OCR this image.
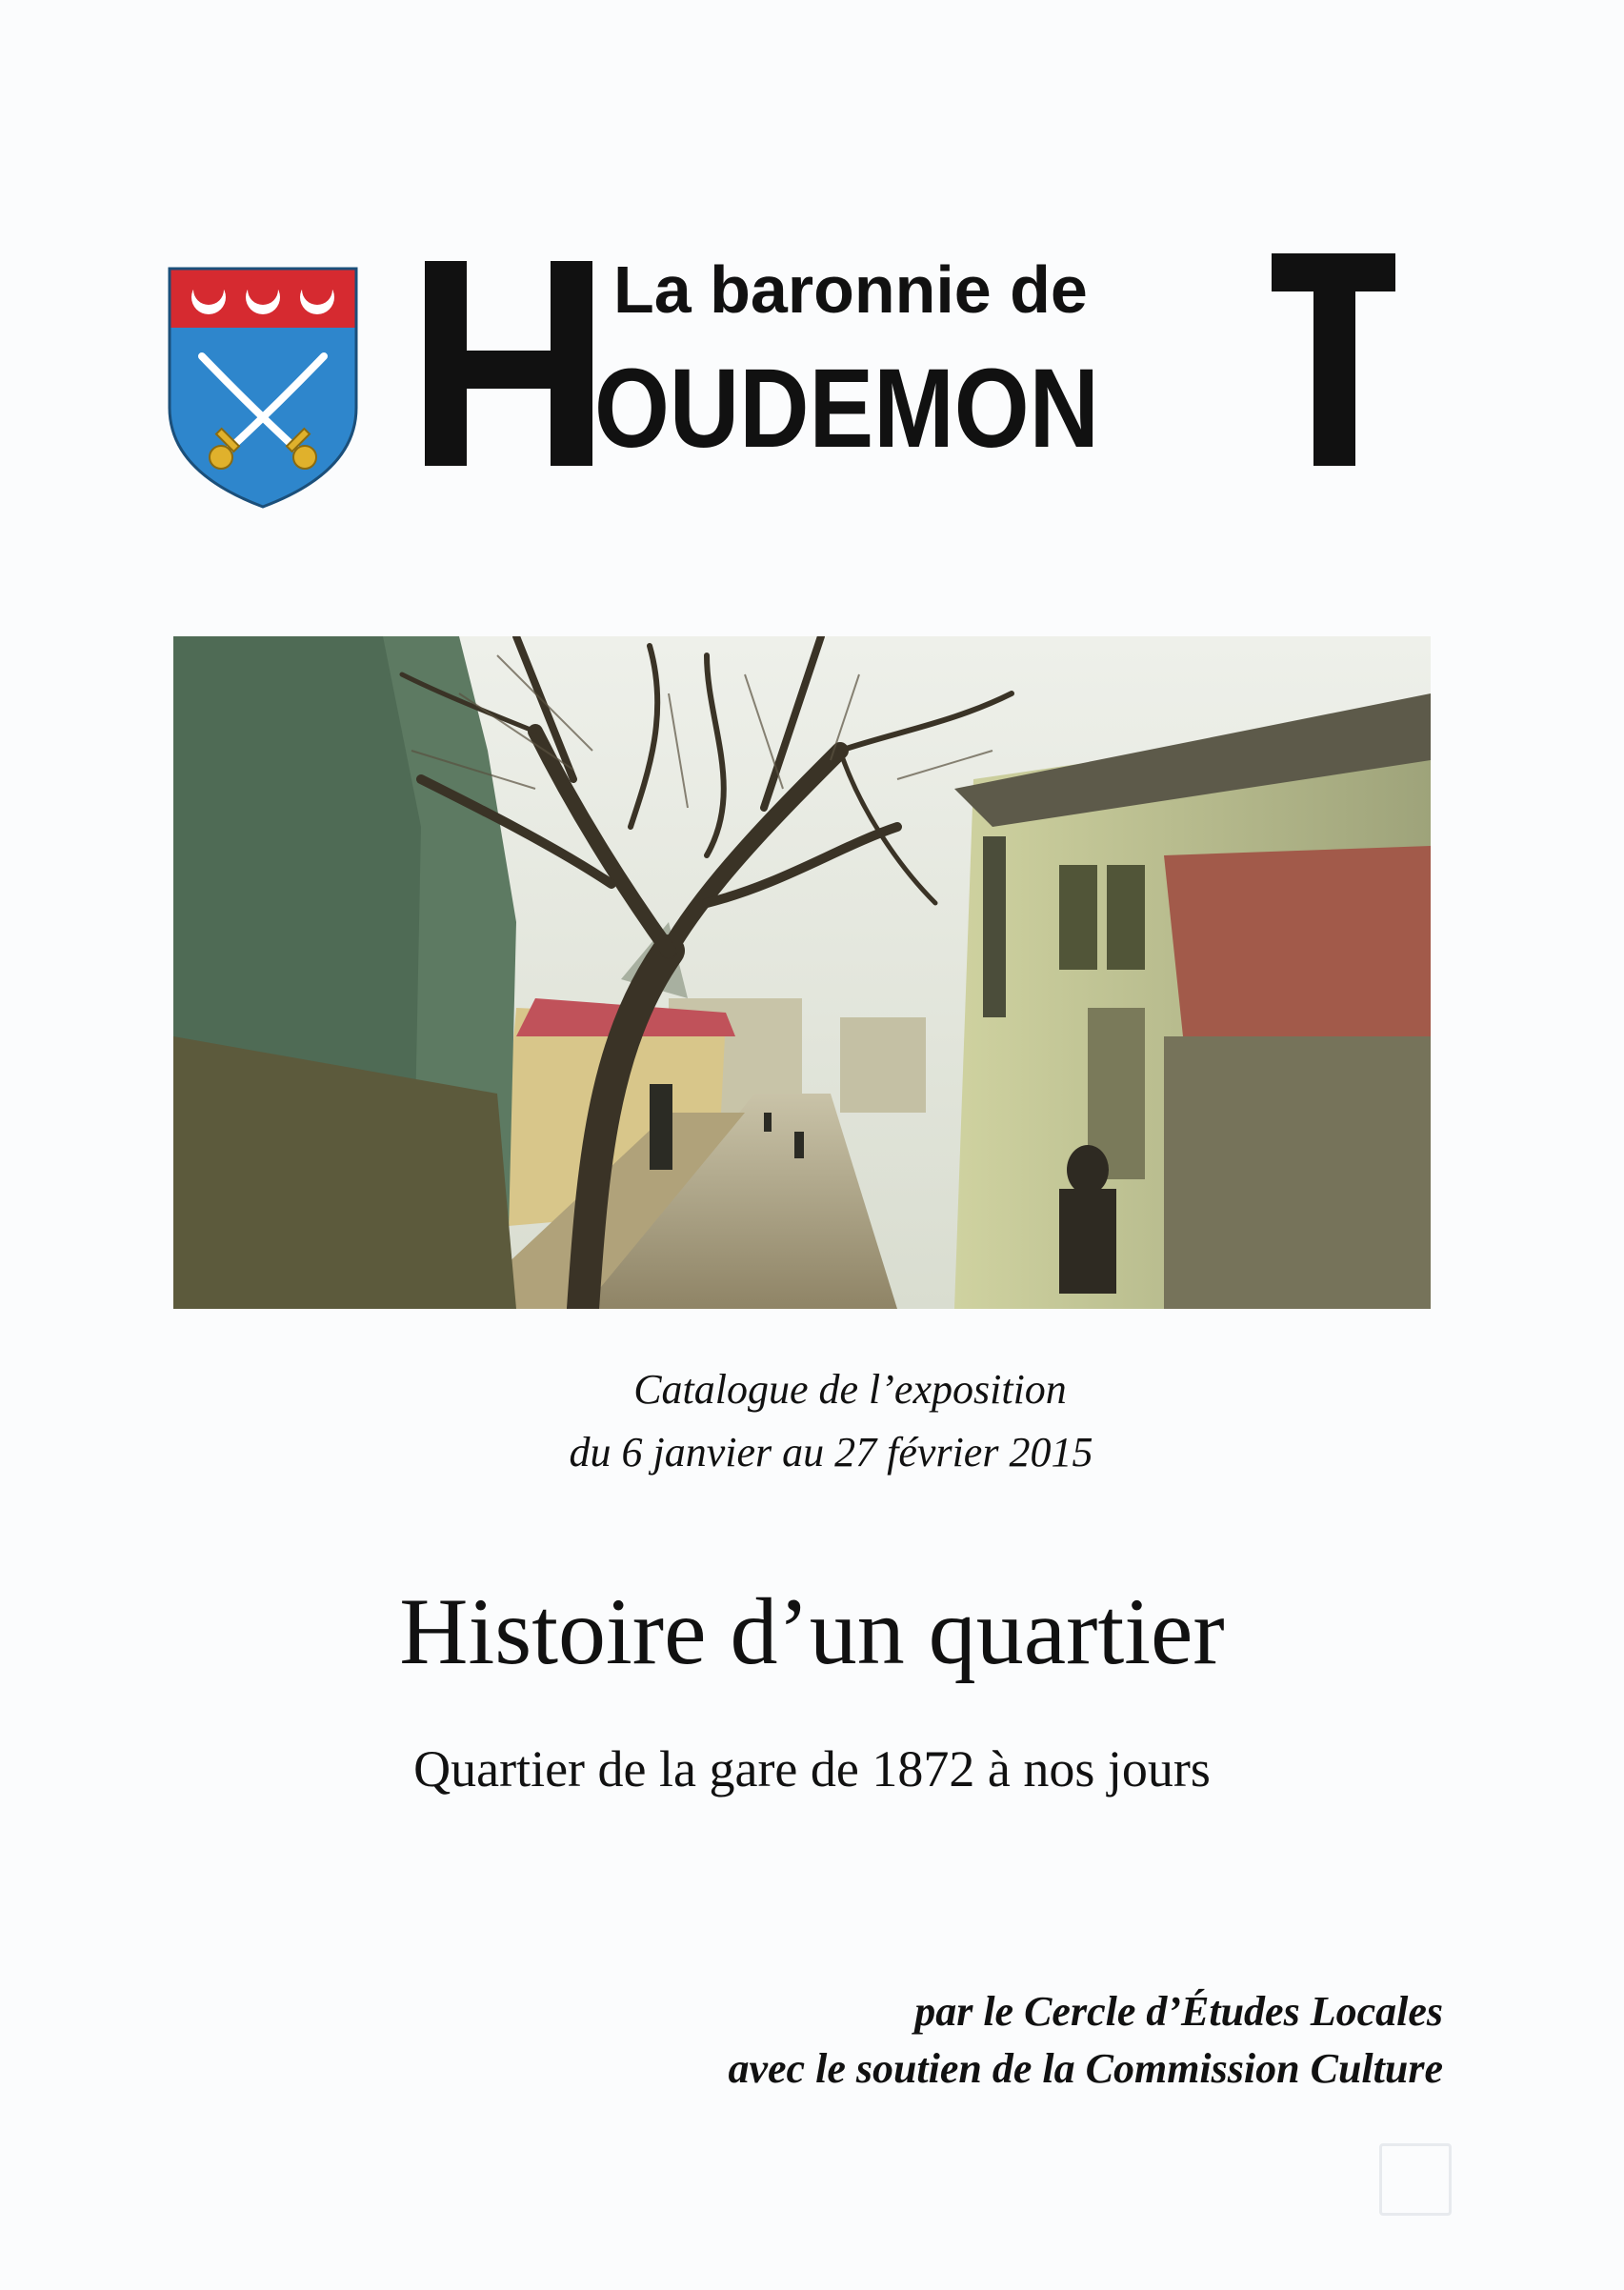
La baronnie de
OUDEMON
Catalogue de l’exposition
du 6 janvier au 27 février 2015
Histoire d’un quartier
Quartier de la gare de 1872 à nos jours
par le Cercle d’Études Locales
avec le soutien de la Commission Culture
